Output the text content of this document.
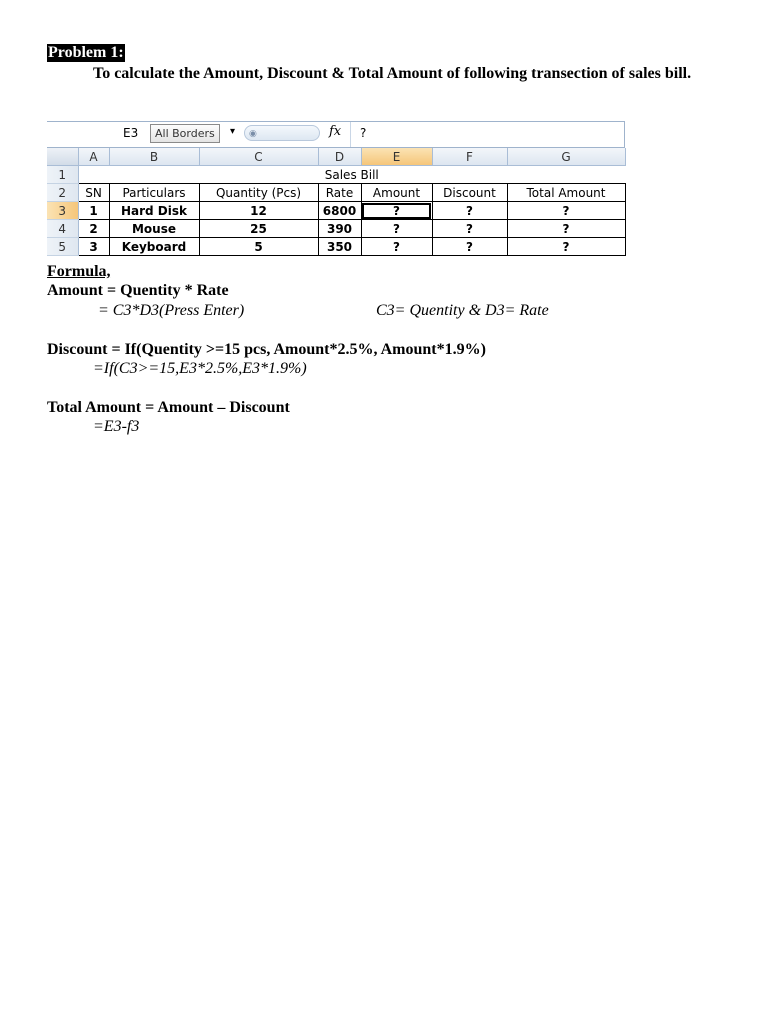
Problem 1:
To calculate the Amount, Discount & Total Amount of following transection of sales bill.
E3	All Borders	▾	◉	fx ?
	A	B	C	D	E	F	G
1	Sales Bill						
2	SN	Particulars	Quantity (Pcs)	Rate	Amount	Discount	Total Amount
3	1	Hard Disk	12	6800	?	?	?
4	2	Mouse	25	390	?	?	?
5	3	Keyboard	5	350	?	?	?
Formula,
Amount = Quentity * Rate
= C3*D3(Press Enter)	C3= Quentity & D3= Rate
Discount = If(Quentity >=15 pcs, Amount*2.5%, Amount*1.9%)
=If(C3>=15,E3*2.5%,E3*1.9%)
Total Amount = Amount – Discount
=E3-f3
